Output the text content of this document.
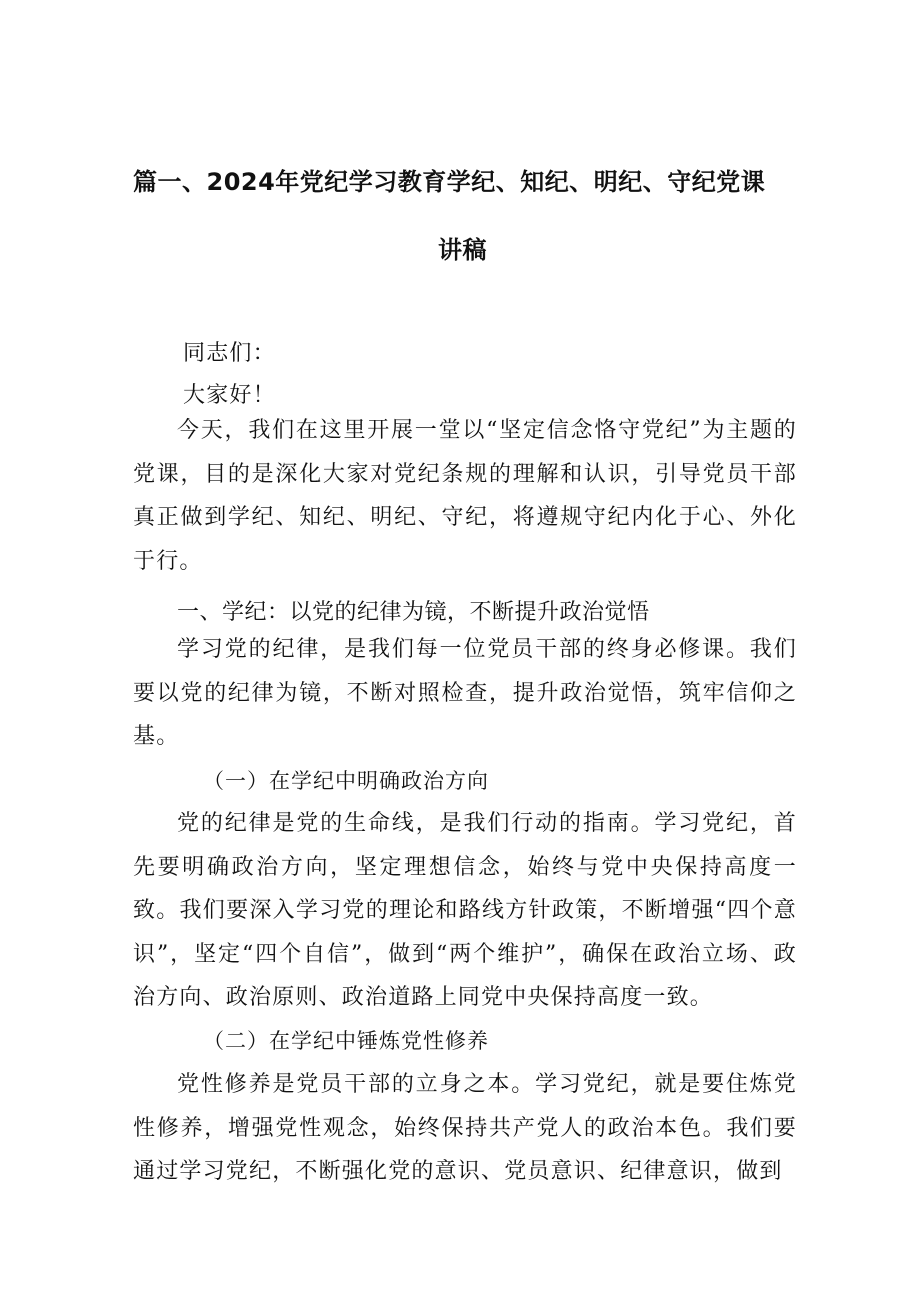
篇一、2024年党纪学习教育学纪、知纪、明纪、守纪党课
讲稿
同志们：
大家好！
今天，我们在这里开展一堂以“坚定信念恪守党纪”为主题的党课，目的是深化大家对党纪条规的理解和认识，引导党员干部真正做到学纪、知纪、明纪、守纪，将遵规守纪内化于心、外化于行。
一、学纪：以党的纪律为镜，不断提升政治觉悟
学习党的纪律，是我们每一位党员干部的终身必修课。我们要以党的纪律为镜，不断对照检查，提升政治觉悟，筑牢信仰之基。
（一）在学纪中明确政治方向
党的纪律是党的生命线，是我们行动的指南。学习党纪，首先要明确政治方向，坚定理想信念，始终与党中央保持高度一致。我们要深入学习党的理论和路线方针政策，不断增强“四个意识”，坚定“四个自信”，做到“两个维护”，确保在政治立场、政治方向、政治原则、政治道路上同党中央保持高度一致。
（二）在学纪中锤炼党性修养
党性修养是党员干部的立身之本。学习党纪，就是要住炼党性修养，增强党性观念，始终保持共产党人的政治本色。我们要通过学习党纪，不断强化党的意识、党员意识、纪律意识，做到
